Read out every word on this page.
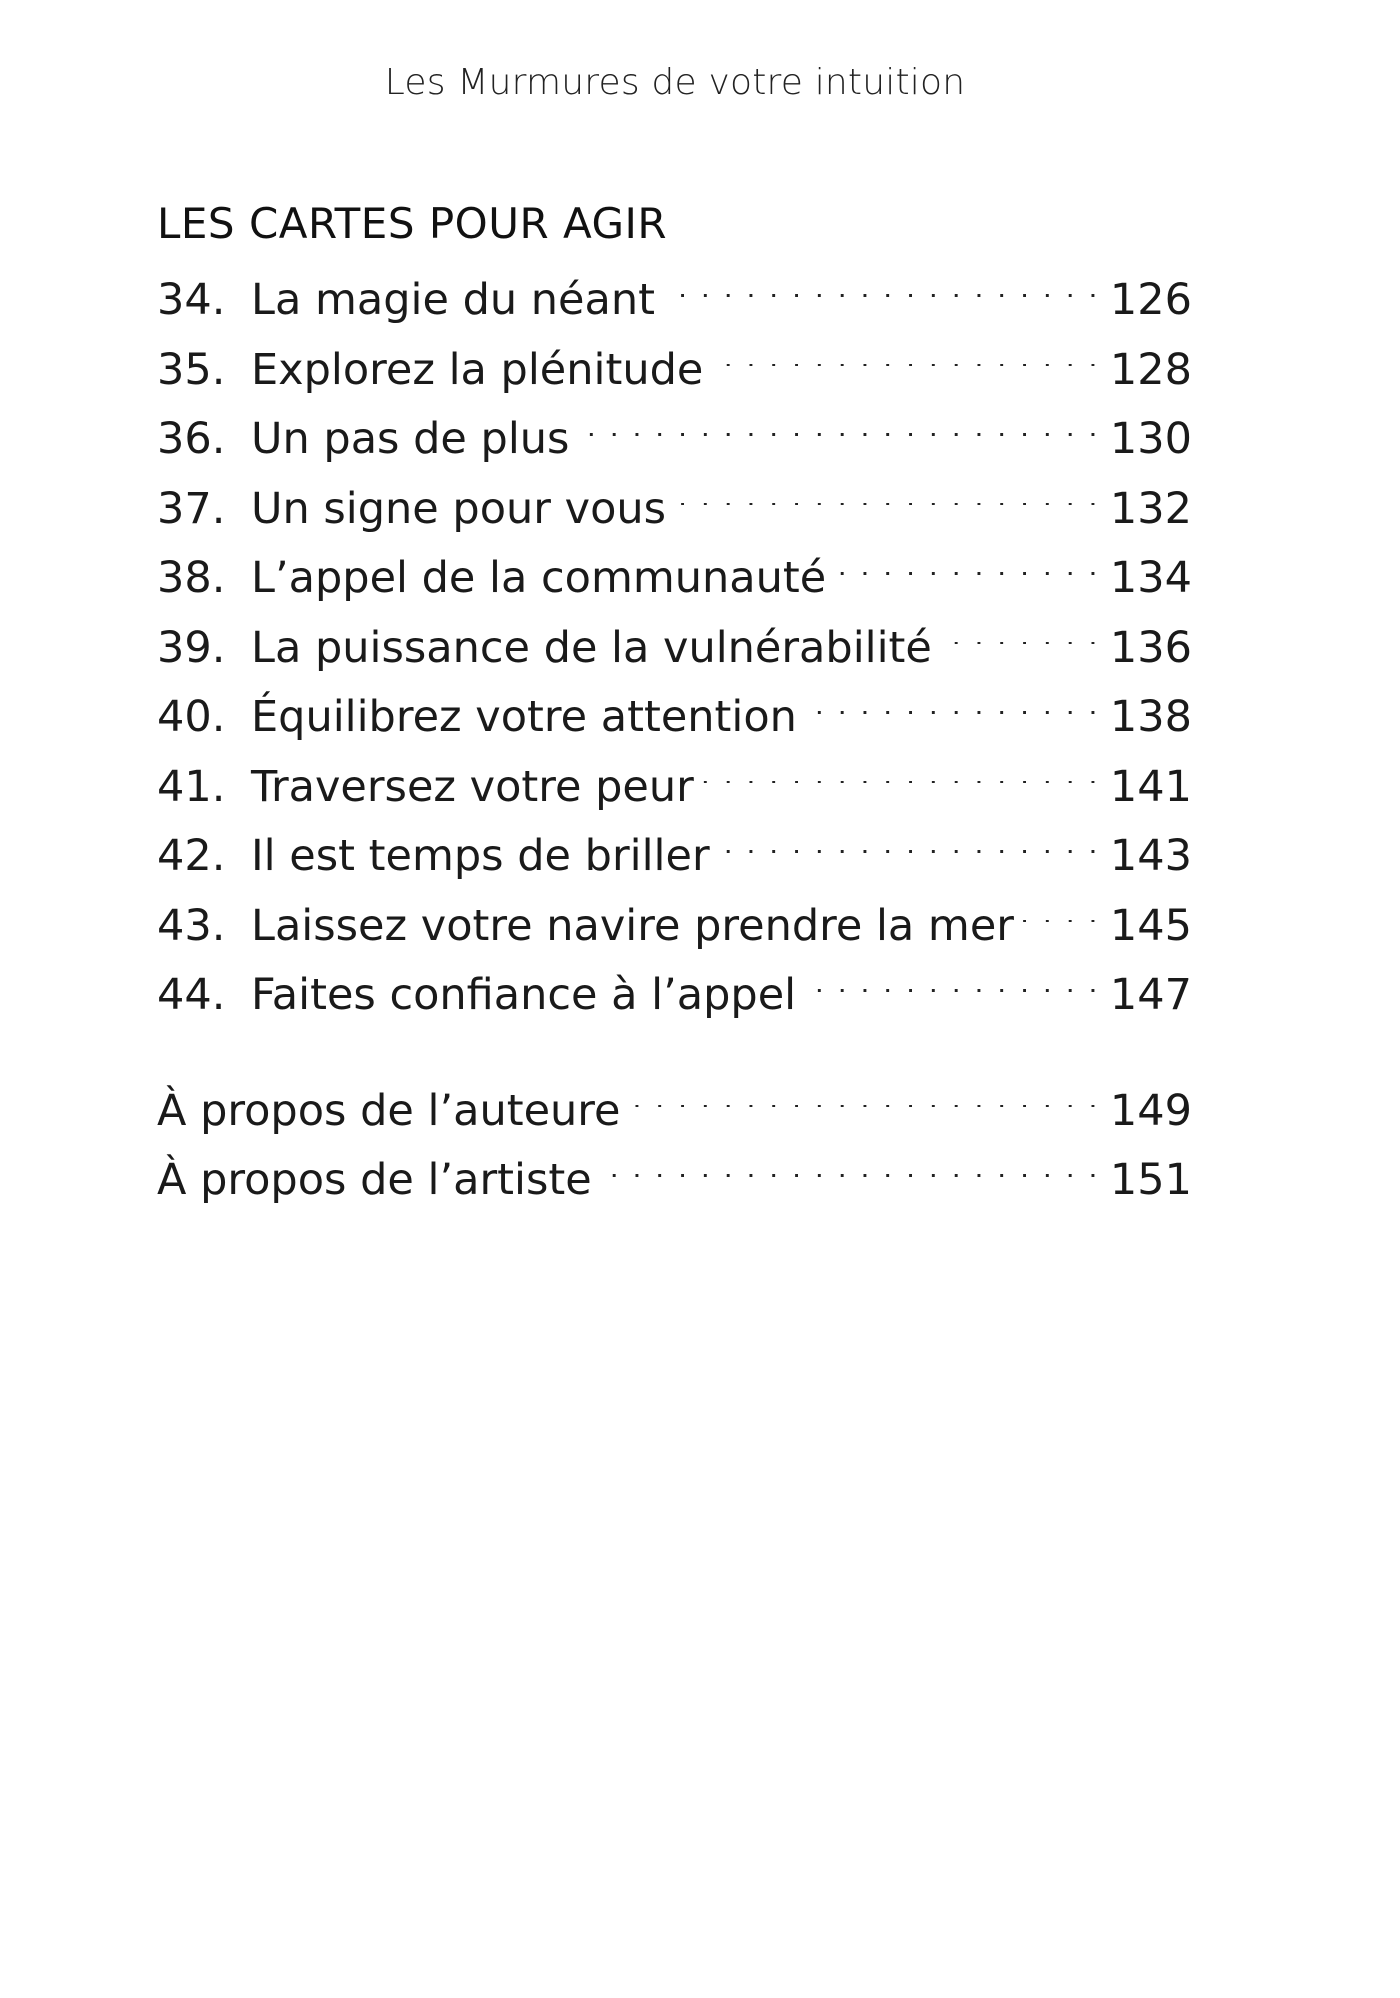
Les Murmures de votre intuition
LES CARTES POUR AGIR
34. La magie du néant . . .	126
35. Explorez la plénitude . . .	128
36. Un pas de plus . . .	130
37. Un signe pour vous . . .	132
38. L’appel de la communauté . . .	134
39. La puissance de la vulnérabilité . . .	136
40. Équilibrez votre attention . . .	138
41. Traversez votre peur . . .	141
42. Il est temps de briller . . .	143
43. Laissez votre navire prendre la mer . . . 145
44. Faites confiance à l’appel . . .	147
À propos de l’auteure . . .	149
À propos de l’artiste . . .	151
